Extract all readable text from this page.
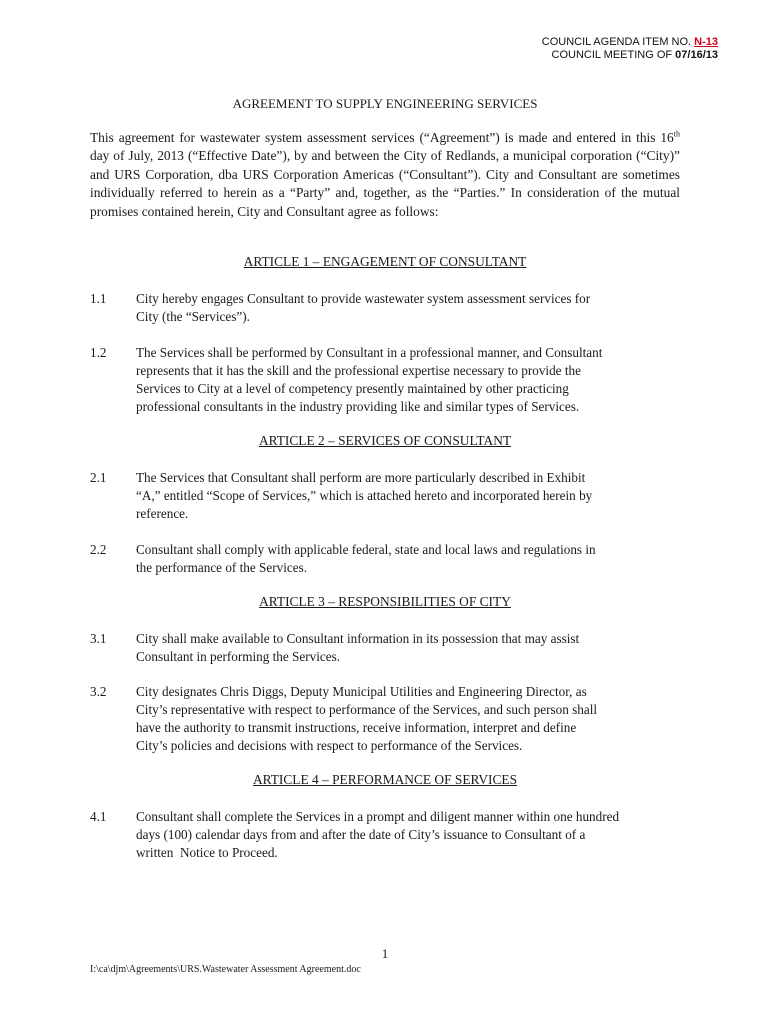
COUNCIL AGENDA ITEM NO. N-13
COUNCIL MEETING OF 07/16/13
AGREEMENT TO SUPPLY ENGINEERING SERVICES
This agreement for wastewater system assessment services (“Agreement”) is made and entered in this 16th day of July, 2013 (“Effective Date”), by and between the City of Redlands, a municipal corporation (“City)” and URS Corporation, dba URS Corporation Americas (“Consultant”). City and Consultant are sometimes individually referred to herein as a “Party” and, together, as the “Parties.” In consideration of the mutual promises contained herein, City and Consultant agree as follows:
ARTICLE 1 – ENGAGEMENT OF CONSULTANT
1.1 City hereby engages Consultant to provide wastewater system assessment services for
City (the “Services”).
1.2 The Services shall be performed by Consultant in a professional manner, and Consultant
represents that it has the skill and the professional expertise necessary to provide the
Services to City at a level of competency presently maintained by other practicing
professional consultants in the industry providing like and similar types of Services.
ARTICLE 2 – SERVICES OF CONSULTANT
2.1 The Services that Consultant shall perform are more particularly described in Exhibit
“A,” entitled “Scope of Services,” which is attached hereto and incorporated herein by
reference.
2.2 Consultant shall comply with applicable federal, state and local laws and regulations in
the performance of the Services.
ARTICLE 3 – RESPONSIBILITIES OF CITY
3.1 City shall make available to Consultant information in its possession that may assist
Consultant in performing the Services.
3.2 City designates Chris Diggs, Deputy Municipal Utilities and Engineering Director, as
City’s representative with respect to performance of the Services, and such person shall
have the authority to transmit instructions, receive information, interpret and define
City’s policies and decisions with respect to performance of the Services.
ARTICLE 4 – PERFORMANCE OF SERVICES
4.1 Consultant shall complete the Services in a prompt and diligent manner within one hundred
days (100) calendar days from and after the date of City’s issuance to Consultant of a
written  Notice to Proceed.
1
I:\ca\djm\Agreements\URS.Wastewater Assessment Agreement.doc
